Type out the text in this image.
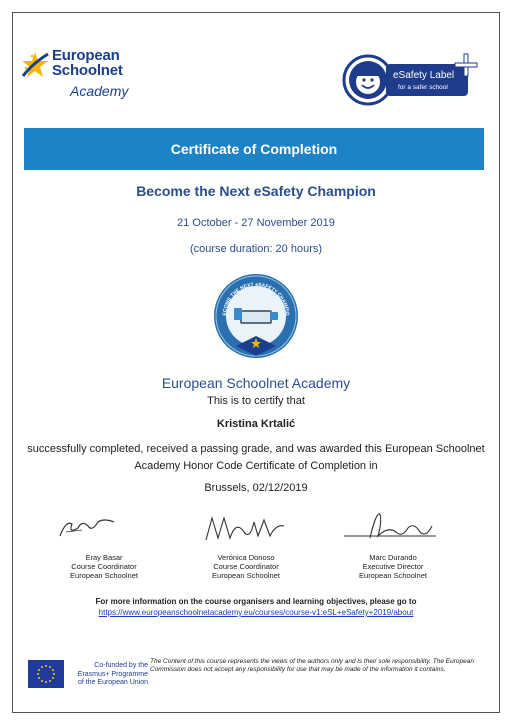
European
Schoolnet
Academy
eSafety Label
for a safer school
Certificate of Completion
Become the Next eSafety Champion
21 October - 27 November 2019
(course duration: 20 hours)
ECOME THE NEXT eSAFETY CHAMPIO
European Schoolnet Academy
This is to certify that
Kristina Krtalić
successfully completed, received a passing grade, and was awarded this European Schoolnet Academy Honor Code Certificate of Completion in
Brussels, 02/12/2019
Eray Basar
Course Coordinator
European Schoolnet
Verónica Donoso
Course Coordinator
European Schoolnet
Marc Durando
Executive Director
European Schoolnet
For more information on the course organisers and learning objectives, please go to
https://www.europeanschoolnetacademy.eu/courses/course-v1:eSL+eSafety+2019/about
Co-funded by the
Erasmus+ Programme
of the European Union
The Content of this course represents the views of the authors only and is their sole responsibility. The European Commission does not accept any responsibility for use that may be made of the information it contains.
